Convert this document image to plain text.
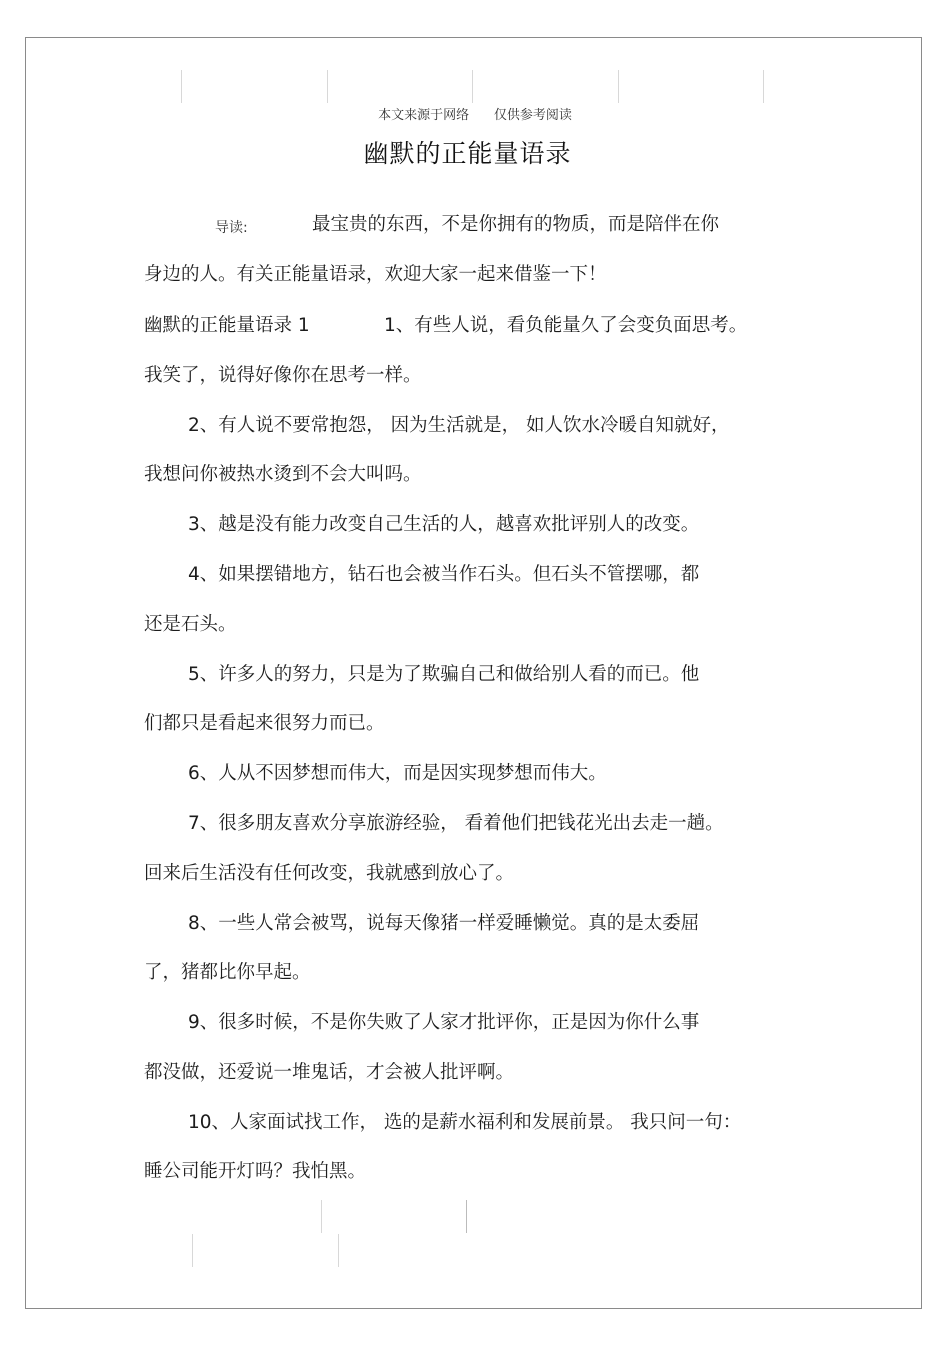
本文来源于网络      仅供参考阅读
幽默的正能量语录
导读:	最宝贵的东西，不是你拥有的物质，而是陪伴在你
身边的人。有关正能量语录，欢迎大家一起来借鉴一下！
幽默的正能量语录 1	1、有些人说，看负能量久了会变负面思考。
我笑了，说得好像你在思考一样。
2、有人说不要常抱怨， 因为生活就是， 如人饮水冷暖自知就好，
我想问你被热水烫到不会大叫吗。
3、越是没有能力改变自己生活的人，越喜欢批评别人的改变。
4、如果摆错地方，钻石也会被当作石头。但石头不管摆哪，都
还是石头。
5、许多人的努力，只是为了欺骗自己和做给别人看的而已。他
们都只是看起来很努力而已。
6、人从不因梦想而伟大，而是因实现梦想而伟大。
7、很多朋友喜欢分享旅游经验， 看着他们把钱花光出去走一趟。
回来后生活没有任何改变，我就感到放心了。
8、一些人常会被骂，说每天像猪一样爱睡懒觉。真的是太委屈
了，猪都比你早起。
9、很多时候，不是你失败了人家才批评你，正是因为你什么事
都没做，还爱说一堆鬼话，才会被人批评啊。
10、人家面试找工作， 选的是薪水福利和发展前景。 我只问一句：
睡公司能开灯吗？我怕黑。
